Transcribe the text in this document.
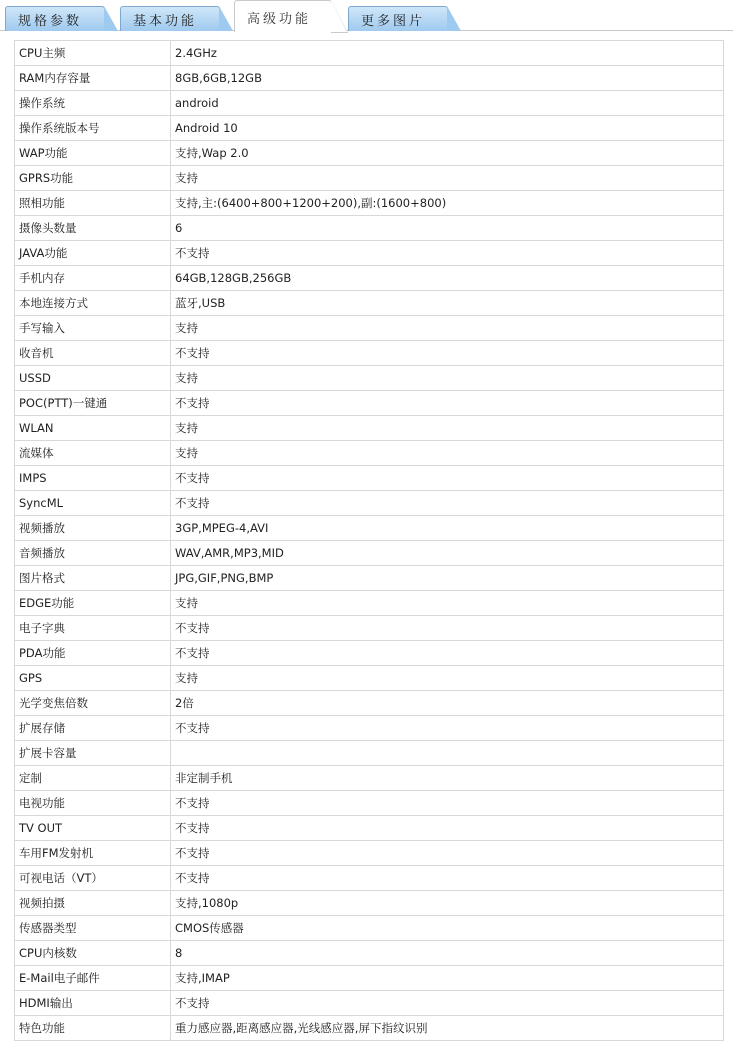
规格参数	基本功能	高级功能	更多图片
CPU主频	2.4GHz
RAM内存容量	8GB,6GB,12GB
操作系统	android
操作系统版本号	Android 10
WAP功能	支持,Wap 2.0
GPRS功能	支持
照相功能	支持,主:(6400+800+1200+200),副:(1600+800)
摄像头数量	6
JAVA功能	不支持
手机内存	64GB,128GB,256GB
本地连接方式	蓝牙,USB
手写输入	支持
收音机	不支持
USSD	支持
POC(PTT)一键通	不支持
WLAN	支持
流媒体	支持
IMPS	不支持
SyncML	不支持
视频播放	3GP,MPEG-4,AVI
音频播放	WAV,AMR,MP3,MID
图片格式	JPG,GIF,PNG,BMP
EDGE功能	支持
电子字典	不支持
PDA功能	不支持
GPS	支持
光学变焦倍数	2倍
扩展存储	不支持
扩展卡容量	
定制	非定制手机
电视功能	不支持
TV OUT	不支持
车用FM发射机	不支持
可视电话（VT）	不支持
视频拍摄	支持,1080p
传感器类型	CMOS传感器
CPU内核数	8
E-Mail电子邮件	支持,IMAP
HDMI输出	不支持
特色功能	重力感应器,距离感应器,光线感应器,屏下指纹识别
